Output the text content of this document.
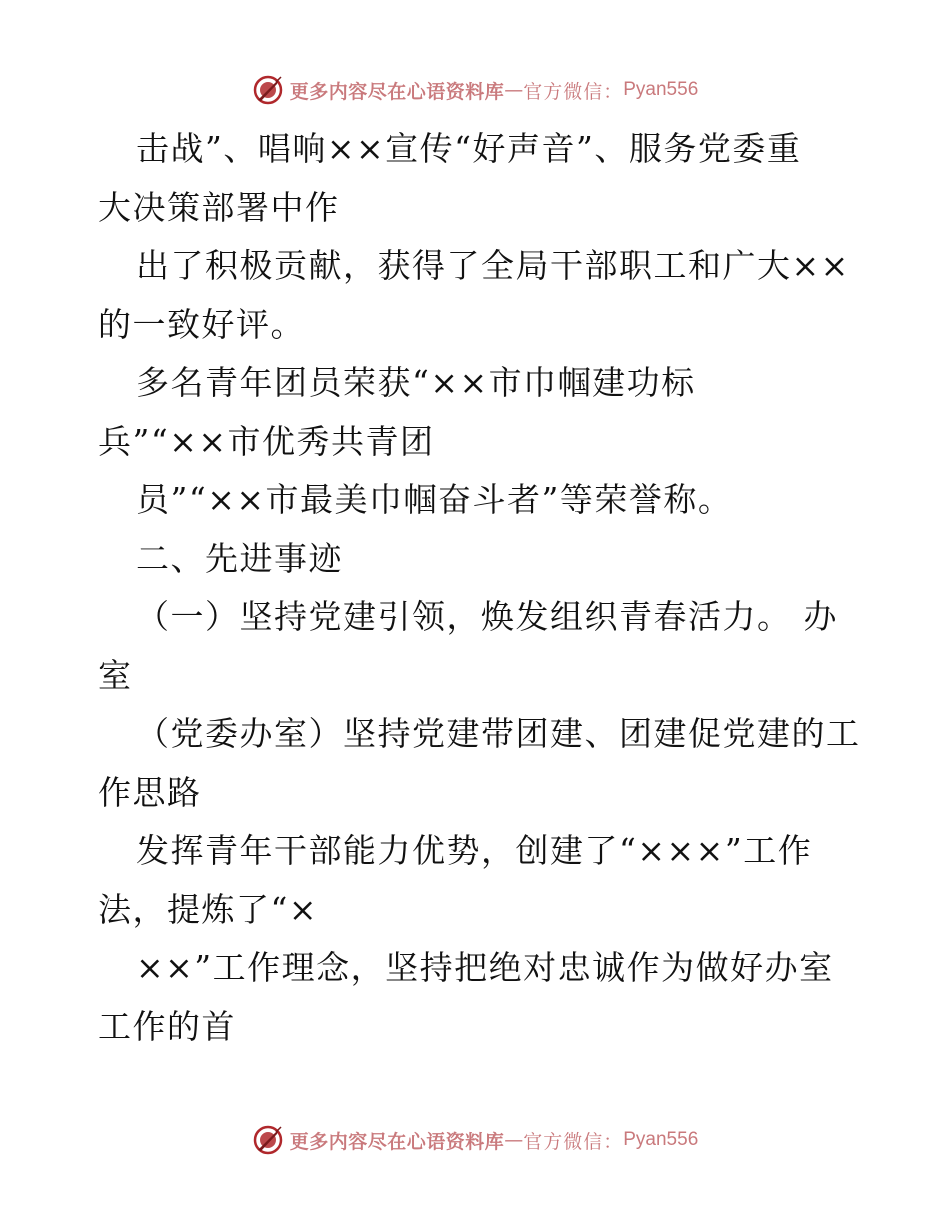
更多内容尽在心语资料库 — 官方微信： Pyan556
击战”、唱响××宣传“好声音”、服务党委重
大决策部署中作
出了积极贡献，获得了全局干部职工和广大××
的一致好评。
多名青年团员荣获“××市巾帼建功标
兵”“××市优秀共青团
员”“××市最美巾帼奋斗者”等荣誉称。
二、先进事迹
（一）坚持党建引领，焕发组织青春活力。 办
室
（党委办室）坚持党建带团建、团建促党建的工
作思路
发挥青年干部能力优势，创建了“×××”工作
法，提炼了“×
××”工作理念，坚持把绝对忠诚作为做好办室
工作的首
更多内容尽在心语资料库 — 官方微信： Pyan556
